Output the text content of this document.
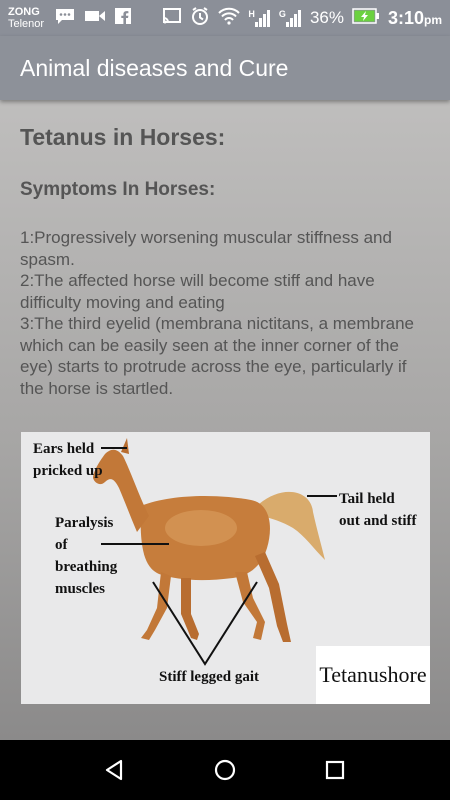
ZONG
Telenor
H	G 36% 3:10pm
Animal diseases and Cure
Tetanus in Horses:
Symptoms In Horses:
1:Progressively worsening muscular stiffness and spasm.
2:The affected horse will become stiff and have difficulty moving and eating
3:The third eyelid (membrana nictitans, a membrane which can be easily seen at the inner corner of the eye) starts to protrude across the eye, particularly if the horse is startled.
Ears held
pricked up
Tail held
out and stiff
Paralysis
of
breathing
muscles
Stiff legged gait	Tetanushore
